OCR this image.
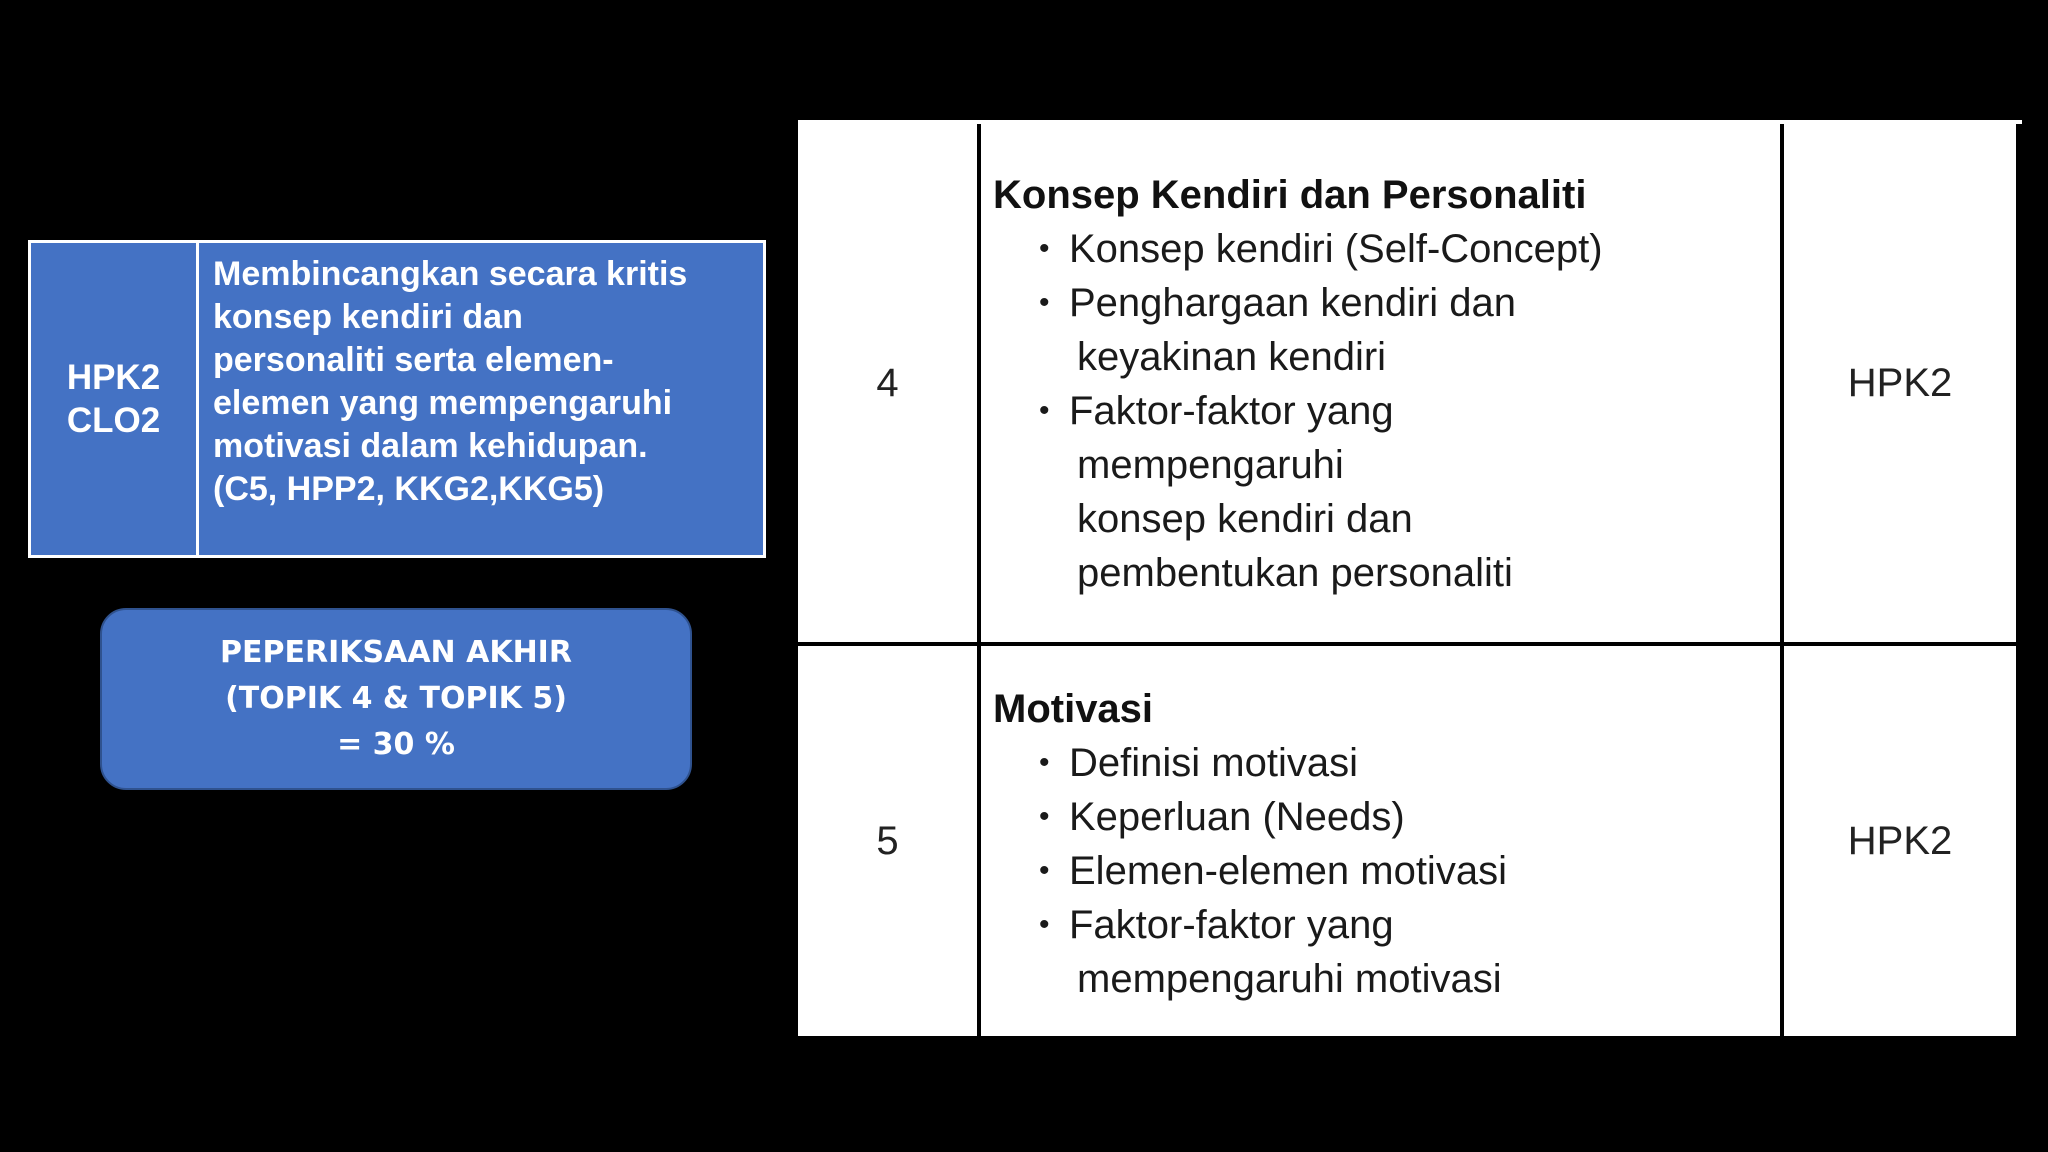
HPK2
CLO2
Membincangkan secara kritis
konsep kendiri dan
personaliti serta elemen-
elemen yang mempengaruhi
motivasi dalam kehidupan.
(C5, HPP2, KKG2,KKG5)
PEPERIKSAAN AKHIR
(TOPIK 4 & TOPIK 5)
= 30 %
4
Konsep Kendiri dan Personaliti
• Konsep kendiri (Self-Concept)
• Penghargaan kendiri dan
keyakinan kendiri
• Faktor-faktor yang
mempengaruhi
konsep kendiri dan
pembentukan personaliti
HPK2
5
Motivasi
• Definisi motivasi
• Keperluan (Needs)
• Elemen-elemen motivasi
• Faktor-faktor yang
mempengaruhi motivasi
HPK2
